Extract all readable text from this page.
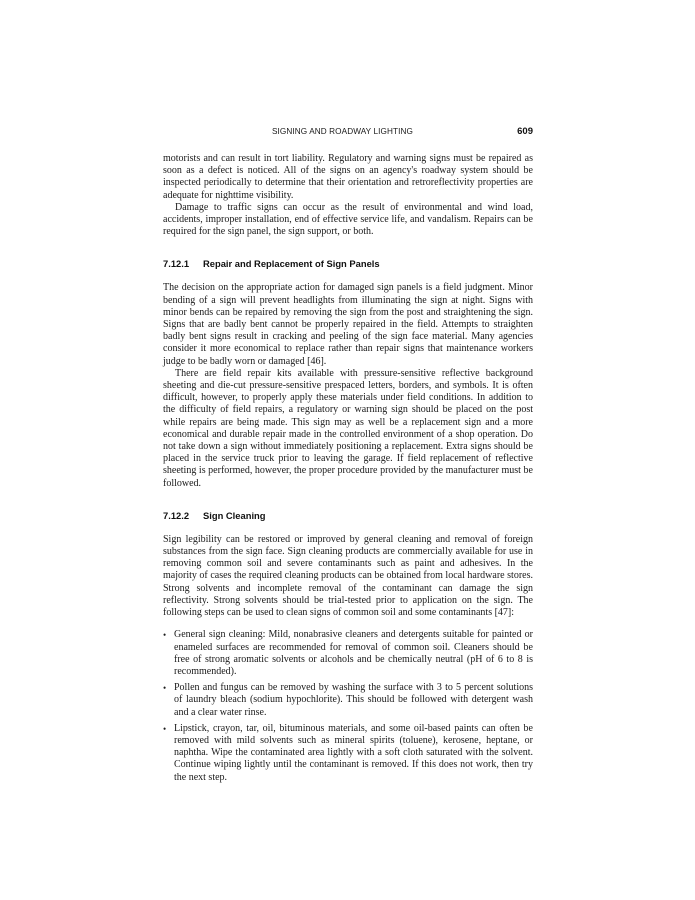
SIGNING AND ROADWAY LIGHTING	609

motorists and can result in tort liability. Regulatory and warning signs must be repaired as soon as a defect is noticed. All of the signs on an agency's roadway system should be inspected periodically to determine that their orientation and retroreflectivity properties are adequate for nighttime visibility.

Damage to traffic signs can occur as the result of environmental and wind load, accidents, improper installation, end of effective service life, and vandalism. Repairs can be required for the sign panel, the sign support, or both.

7.12.1 Repair and Replacement of Sign Panels

The decision on the appropriate action for damaged sign panels is a field judgment. Minor bending of a sign will prevent headlights from illuminating the sign at night. Signs with minor bends can be repaired by removing the sign from the post and straightening the sign. Signs that are badly bent cannot be properly repaired in the field. Attempts to straighten badly bent signs result in cracking and peeling of the sign face material. Many agencies consider it more economical to replace rather than repair signs that maintenance workers judge to be badly worn or damaged [46].

There are field repair kits available with pressure-sensitive reflective background sheeting and die-cut pressure-sensitive prespaced letters, borders, and symbols. It is often difficult, however, to properly apply these materials under field conditions. In addition to the difficulty of field repairs, a regulatory or warning sign should be placed on the post while repairs are being made. This sign may as well be a replacement sign and a more economical and durable repair made in the controlled environment of a shop operation. Do not take down a sign without immediately positioning a replacement. Extra signs should be placed in the service truck prior to leaving the garage. If field replacement of reflective sheeting is performed, however, the proper procedure provided by the manufacturer must be followed.

7.12.2 Sign Cleaning

Sign legibility can be restored or improved by general cleaning and removal of foreign substances from the sign face. Sign cleaning products are commercially available for use in removing common soil and severe contaminants such as paint and adhesives. In the majority of cases the required cleaning products can be obtained from local hardware stores. Strong solvents and incomplete removal of the contaminant can damage the sign reflectivity. Strong solvents should be trial-tested prior to application on the sign. The following steps can be used to clean signs of common soil and some contaminants [47]:

• General sign cleaning: Mild, nonabrasive cleaners and detergents suitable for painted or enameled surfaces are recommended for removal of common soil. Cleaners should be free of strong aromatic solvents or alcohols and be chemically neutral (pH of 6 to 8 is recommended).
• Pollen and fungus can be removed by washing the surface with 3 to 5 percent solutions of laundry bleach (sodium hypochlorite). This should be followed with detergent wash and a clear water rinse.
• Lipstick, crayon, tar, oil, bituminous materials, and some oil-based paints can often be removed with mild solvents such as mineral spirits (toluene), kerosene, heptane, or naphtha. Wipe the contaminated area lightly with a soft cloth saturated with the solvent. Continue wiping lightly until the contaminant is removed. If this does not work, then try the next step.
